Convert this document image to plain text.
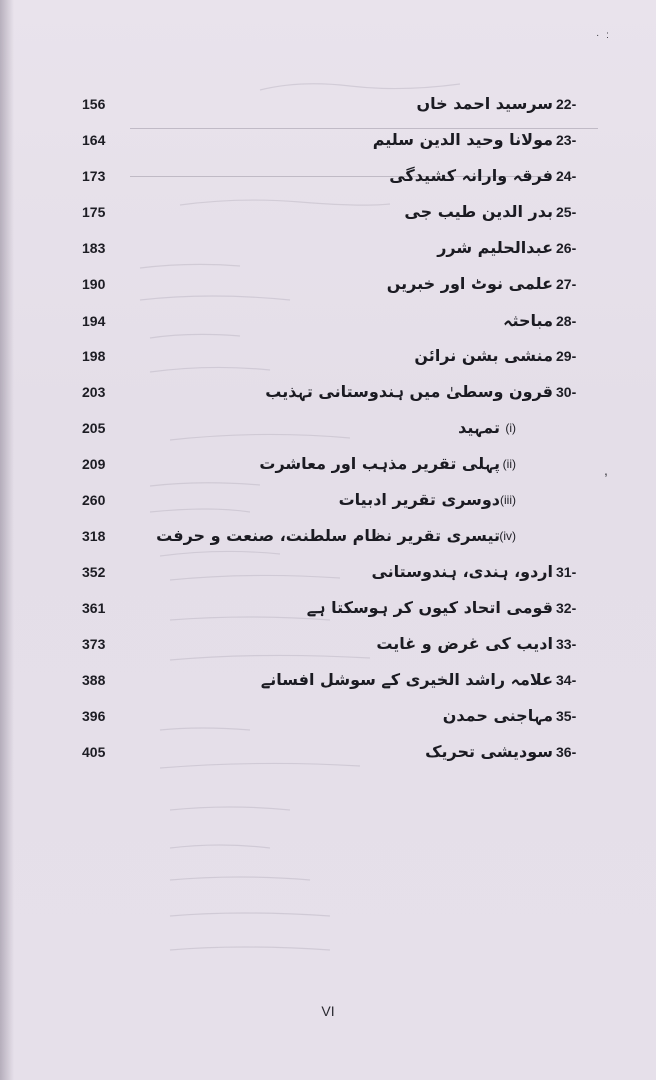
156	سرسید احمد خاں 22-
164	مولانا وحید الدین سلیم 23-
173	فرقہ وارانہ کشیدگی 24-
175	بدر الدین طیب جی 25-
183	عبدالحلیم شرر 26-
190	علمی نوٹ اور خبریں 27-
194	مباحثہ 28-
198	منشی بشن نرائن 29-
203	قرون وسطیٰ میں ہندوستانی تہذیب 30-
205	تمہید (i)
209	پہلی تقریر مذہب اور معاشرت (ii)
260	دوسری تقریر ادبیات (iii)
318	تیسری تقریر نظام سلطنت، صنعت و حرفت (iv)
352	اردو، ہندی، ہندوستانی 31-
361	قومی اتحاد کیوں کر ہوسکتا ہے 32-
373	ادیب کی غرض و غایت 33-
388	علامہ راشد الخیری کے سوشل افسانے 34-
396	مہاجنی حمدن 35-
405	سودیشی تحریک 36-
,
· :
VI
